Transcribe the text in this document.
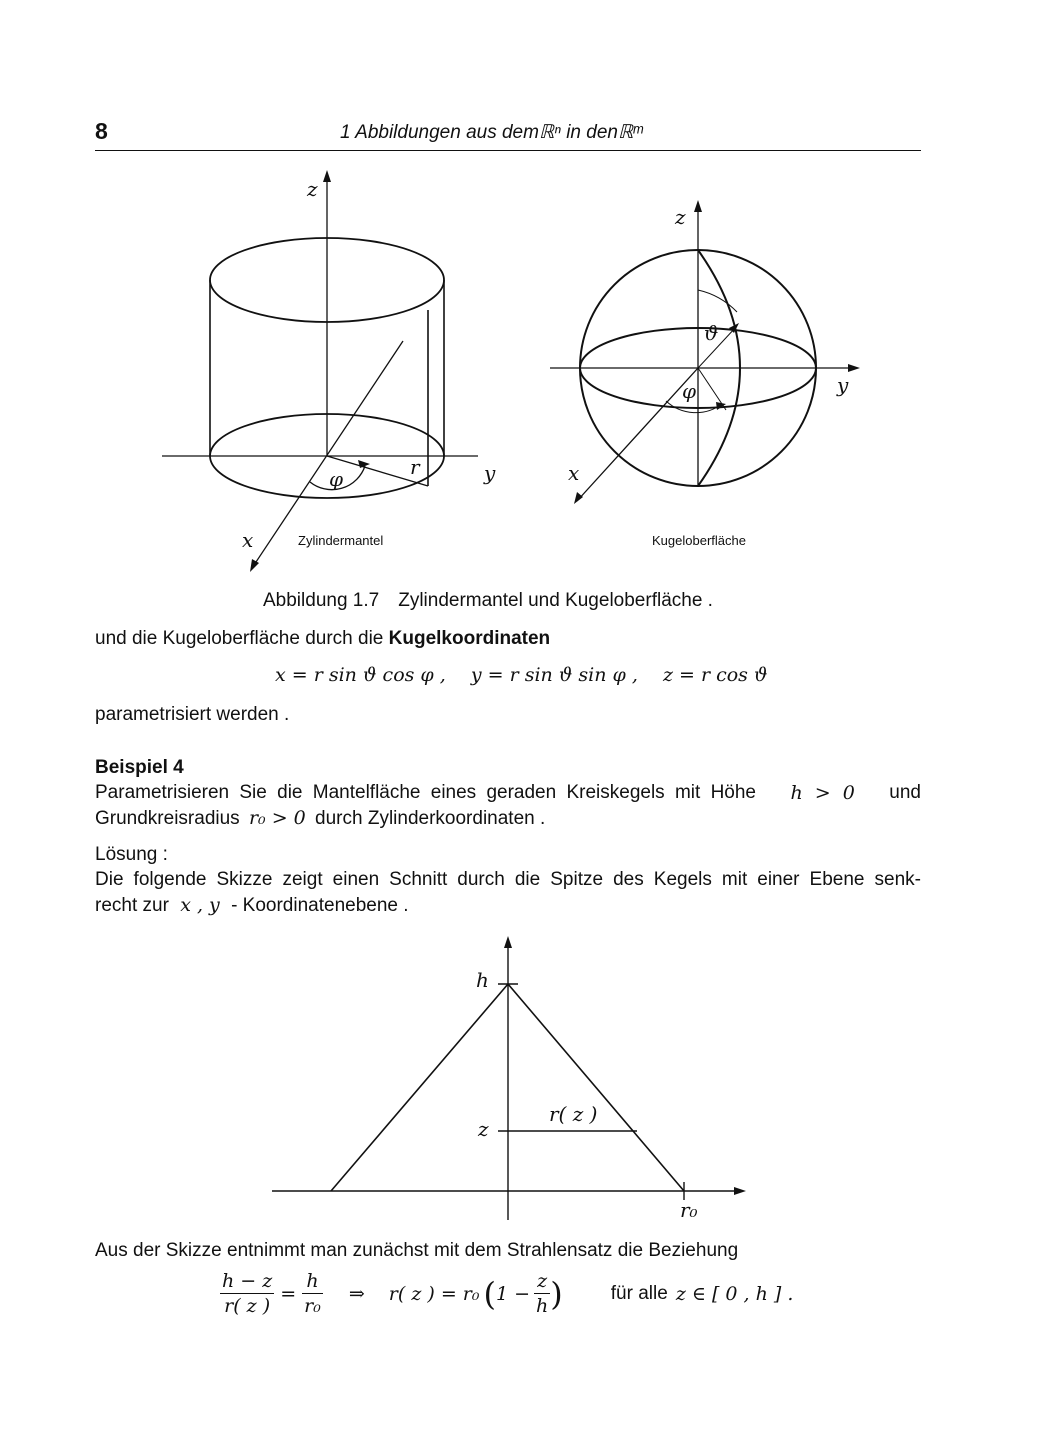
8	1 Abbildungen aus demℝⁿ in denℝᵐ
z
r	y
φ
x	Zylindermantel
z
ϑ
φ	y
x
Kugeloberfläche
Abbildung 1.7 Zylindermantel und Kugeloberfläche .
und die Kugeloberfläche durch die Kugelkoordinaten
x = r sin ϑ cos φ ,  y = r sin ϑ sin φ ,  z = r cos ϑ
parametrisiert werden .
Beispiel 4
Parametrisieren Sie die Mantelfläche eines geraden Kreiskegels mit Höhe h > 0 und
Grundkreisradius r₀ > 0 durch Zylinderkoordinaten .
Lösung :
Die folgende Skizze zeigt einen Schnitt durch die Spitze des Kegels mit einer Ebene senk-
recht zur x , y - Koordinatenebene .
h
z
r( z )
r₀
Aus der Skizze entnimmt man zunächst mit dem Strahlensatz die Beziehung
$\frac{h - z}{r( z )} = \frac{h}{\text{r₀}}$ ⇒ r( z ) = r₀ ( $1 - \frac{z}{h}$ )	für alle z ∈ [ 0 , h ] .
